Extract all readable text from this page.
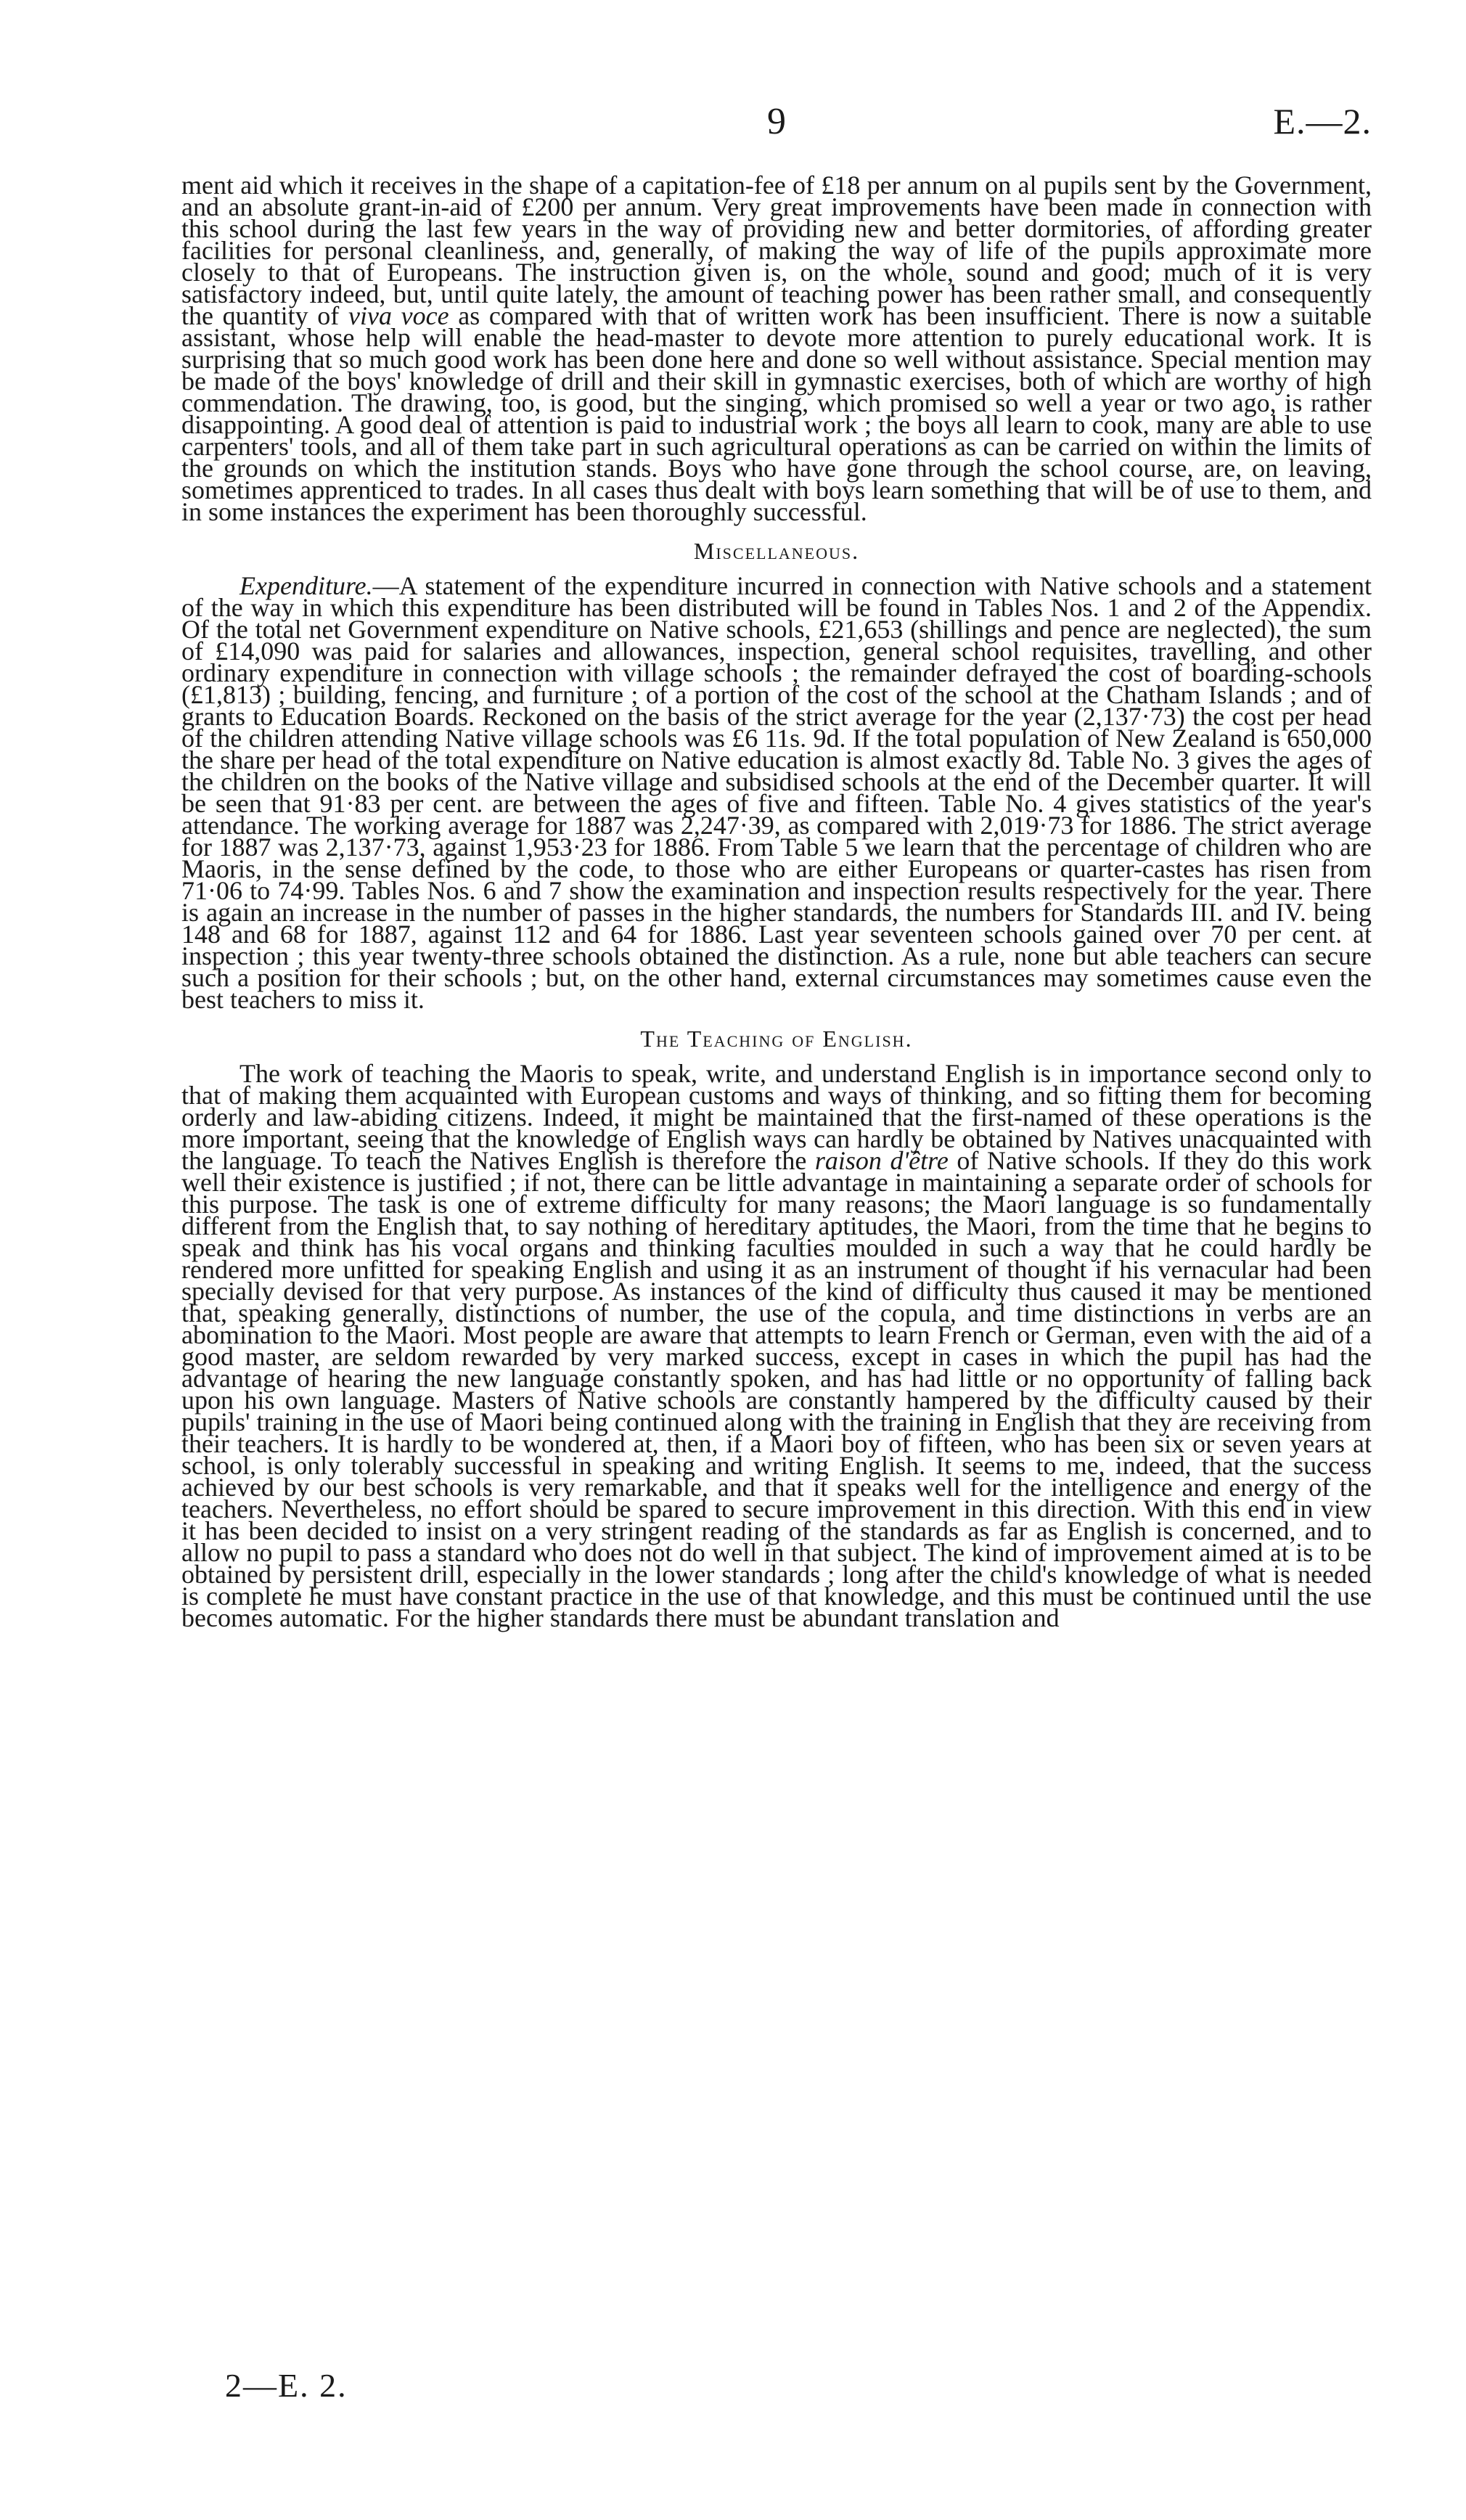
9	E.—2.

ment aid which it receives in the shape of a capitation-fee of £18 per annum on al pupils sent by the Government, and an absolute grant-in-aid of £200 per annum. Very great improvements have been made in connection with this school during the last few years in the way of providing new and better dormitories, of affording greater facilities for personal cleanliness, and, generally, of making the way of life of the pupils approximate more closely to that of Europeans. The instruction given is, on the whole, sound and good; much of it is very satisfactory indeed, but, until quite lately, the amount of teaching power has been rather small, and consequently the quantity of viva voce as compared with that of written work has been insufficient. There is now a suitable assistant, whose help will enable the head-master to devote more attention to purely educational work. It is surprising that so much good work has been done here and done so well without assistance. Special mention may be made of the boys' knowledge of drill and their skill in gymnastic exercises, both of which are worthy of high commendation. The drawing, too, is good, but the singing, which promised so well a year or two ago, is rather disappointing. A good deal of attention is paid to industrial work ; the boys all learn to cook, many are able to use carpenters' tools, and all of them take part in such agricultural operations as can be carried on within the limits of the grounds on which the institution stands. Boys who have gone through the school course, are, on leaving, sometimes apprenticed to trades. In all cases thus dealt with boys learn something that will be of use to them, and in some instances the experiment has been thoroughly successful.

Miscellaneous.

Expenditure.—A statement of the expenditure incurred in connection with Native schools and a statement of the way in which this expenditure has been distributed will be found in Tables Nos. 1 and 2 of the Appendix. Of the total net Government expenditure on Native schools, £21,653 (shillings and pence are neglected), the sum of £14,090 was paid for salaries and allowances, inspection, general school requisites, travelling, and other ordinary expenditure in connection with village schools ; the remainder defrayed the cost of boarding-schools (£1,813) ; building, fencing, and furniture ; of a portion of the cost of the school at the Chatham Islands ; and of grants to Education Boards. Reckoned on the basis of the strict average for the year (2,137·73) the cost per head of the children attending Native village schools was £6 11s. 9d. If the total population of New Zealand is 650,000 the share per head of the total expenditure on Native education is almost exactly 8d. Table No. 3 gives the ages of the children on the books of the Native village and subsidised schools at the end of the December quarter. It will be seen that 91·83 per cent. are between the ages of five and fifteen. Table No. 4 gives statistics of the year's attendance. The working average for 1887 was 2,247·39, as compared with 2,019·73 for 1886. The strict average for 1887 was 2,137·73, against 1,953·23 for 1886. From Table 5 we learn that the percentage of children who are Maoris, in the sense defined by the code, to those who are either Europeans or quarter-castes has risen from 71·06 to 74·99. Tables Nos. 6 and 7 show the examination and inspection results respectively for the year. There is again an increase in the number of passes in the higher standards, the numbers for Standards III. and IV. being 148 and 68 for 1887, against 112 and 64 for 1886. Last year seventeen schools gained over 70 per cent. at inspection ; this year twenty-three schools obtained the distinction. As a rule, none but able teachers can secure such a position for their schools ; but, on the other hand, external circumstances may sometimes cause even the best teachers to miss it.

The Teaching of English.

The work of teaching the Maoris to speak, write, and understand English is in importance second only to that of making them acquainted with European customs and ways of thinking, and so fitting them for becoming orderly and law-abiding citizens. Indeed, it might be maintained that the first-named of these operations is the more important, seeing that the knowledge of English ways can hardly be obtained by Natives unacquainted with the language. To teach the Natives English is therefore the raison d'être of Native schools. If they do this work well their existence is justified ; if not, there can be little advantage in maintaining a separate order of schools for this purpose. The task is one of extreme difficulty for many reasons; the Maori language is so fundamentally different from the English that, to say nothing of hereditary aptitudes, the Maori, from the time that he begins to speak and think has his vocal organs and thinking faculties moulded in such a way that he could hardly be rendered more unfitted for speaking English and using it as an instrument of thought if his vernacular had been specially devised for that very purpose. As instances of the kind of difficulty thus caused it may be mentioned that, speaking generally, distinctions of number, the use of the copula, and time distinctions in verbs are an abomination to the Maori. Most people are aware that attempts to learn French or German, even with the aid of a good master, are seldom rewarded by very marked success, except in cases in which the pupil has had the advantage of hearing the new language constantly spoken, and has had little or no opportunity of falling back upon his own language. Masters of Native schools are constantly hampered by the difficulty caused by their pupils' training in the use of Maori being continued along with the training in English that they are receiving from their teachers. It is hardly to be wondered at, then, if a Maori boy of fifteen, who has been six or seven years at school, is only tolerably successful in speaking and writing English. It seems to me, indeed, that the success achieved by our best schools is very remarkable, and that it speaks well for the intelligence and energy of the teachers. Nevertheless, no effort should be spared to secure improvement in this direction. With this end in view it has been decided to insist on a very stringent reading of the standards as far as English is concerned, and to allow no pupil to pass a standard who does not do well in that subject. The kind of improvement aimed at is to be obtained by persistent drill, especially in the lower standards ; long after the child's knowledge of what is needed is complete he must have constant practice in the use of that knowledge, and this must be continued until the use becomes automatic. For the higher standards there must be abundant translation and

2—E. 2.
